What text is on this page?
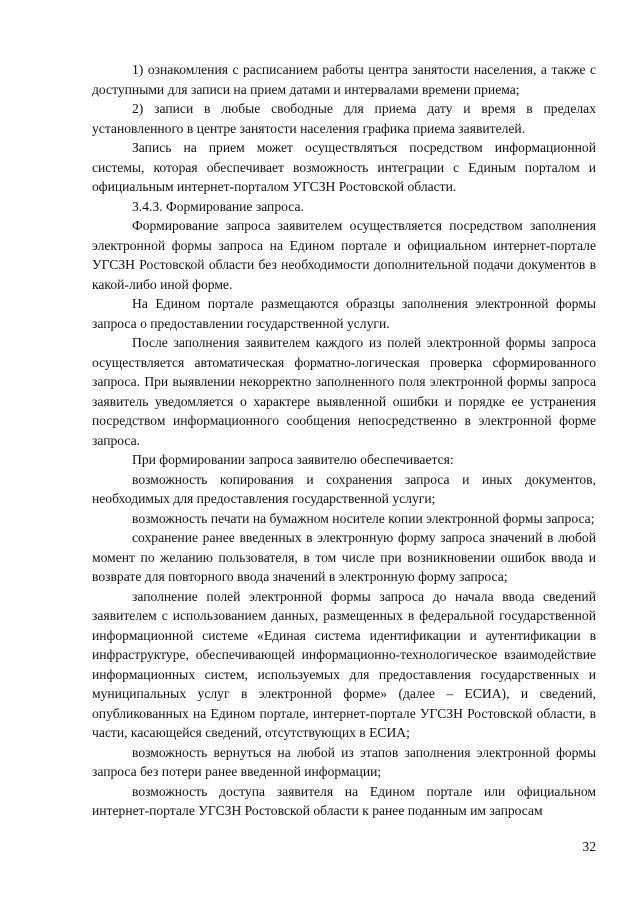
1) ознакомления с расписанием работы центра занятости населения, а также с доступными для записи на прием датами и интервалами времени приема;

2) записи в любые свободные для приема дату и время в пределах установленного в центре занятости населения графика приема заявителей.

Запись на прием может осуществляться посредством информационной системы, которая обеспечивает возможность интеграции с Единым порталом и официальным интернет-порталом УГСЗН Ростовской области.

3.4.3. Формирование запроса.

Формирование запроса заявителем осуществляется посредством заполнения электронной формы запроса на Едином портале и официальном интернет-портале УГСЗН Ростовской области без необходимости дополнительной подачи документов в какой-либо иной форме.

На Едином портале размещаются образцы заполнения электронной формы запроса о предоставлении государственной услуги.

После заполнения заявителем каждого из полей электронной формы запроса осуществляется автоматическая форматно-логическая проверка сформированного запроса. При выявлении некорректно заполненного поля электронной формы запроса заявитель уведомляется о характере выявленной ошибки и порядке ее устранения посредством информационного сообщения непосредственно в электронной форме запроса.

При формировании запроса заявителю обеспечивается:

возможность копирования и сохранения запроса и иных документов, необходимых для предоставления государственной услуги;

возможность печати на бумажном носителе копии электронной формы запроса;

сохранение ранее введенных в электронную форму запроса значений в любой момент по желанию пользователя, в том числе при возникновении ошибок ввода и возврате для повторного ввода значений в электронную форму запроса;

заполнение полей электронной формы запроса до начала ввода сведений заявителем с использованием данных, размещенных в федеральной государственной информационной системе «Единая система идентификации и аутентификации в инфраструктуре, обеспечивающей информационно-технологическое взаимодействие информационных систем, используемых для предоставления государственных и муниципальных услуг в электронной форме» (далее – ЕСИА), и сведений, опубликованных на Едином портале, интернет-портале УГСЗН Ростовской области, в части, касающейся сведений, отсутствующих в ЕСИА;

возможность вернуться на любой из этапов заполнения электронной формы запроса без потери ранее введенной информации;

возможность доступа заявителя на Едином портале или официальном интернет-портале УГСЗН Ростовской области к ранее поданным им запросам

32
